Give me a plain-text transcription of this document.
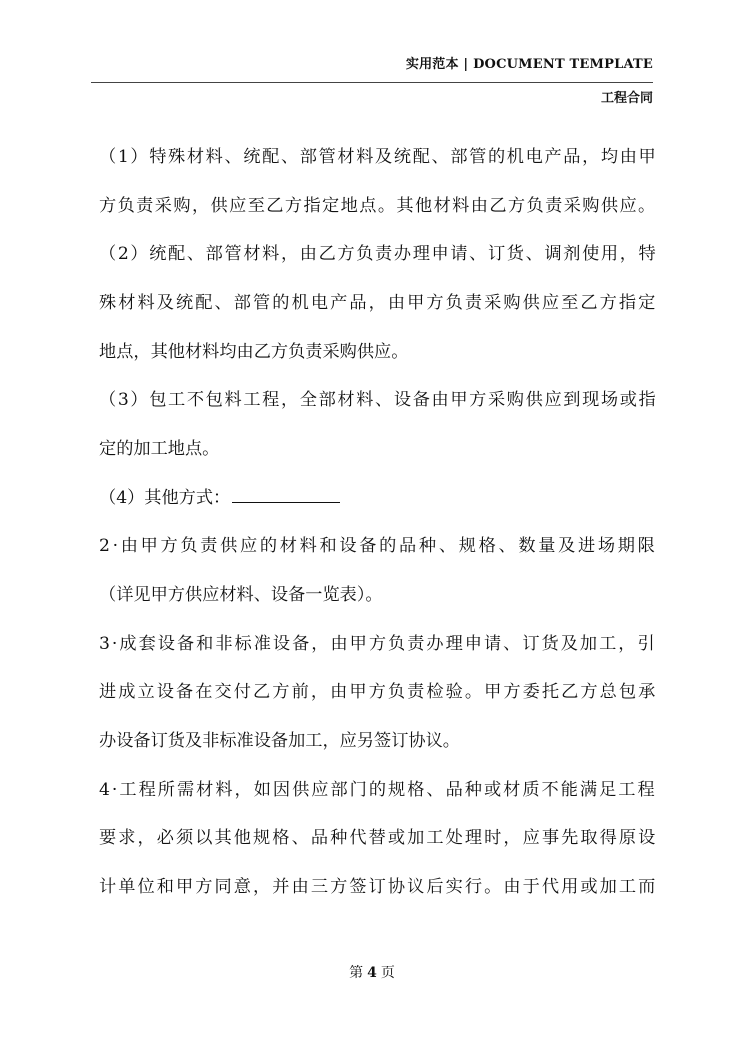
实用范本 | DOCUMENT TEMPLATE
工程合同
（1）特殊材料、统配、部管材料及统配、部管的机电产品，均由甲
方负责采购，供应至乙方指定地点。其他材料由乙方负责采购供应。
（2）统配、部管材料，由乙方负责办理申请、订货、调剂使用，特
殊材料及统配、部管的机电产品，由甲方负责采购供应至乙方指定
地点，其他材料均由乙方负责采购供应。
（3）包工不包料工程，全部材料、设备由甲方采购供应到现场或指
定的加工地点。
（4）其他方式：
2·由甲方负责供应的材料和设备的品种、规格、数量及进场期限
（详见甲方供应材料、设备一览表）。
3·成套设备和非标准设备，由甲方负责办理申请、订货及加工，引
进成立设备在交付乙方前，由甲方负责检验。甲方委托乙方总包承
办设备订货及非标准设备加工，应另签订协议。
4·工程所需材料，如因供应部门的规格、品种或材质不能满足工程
要求，必须以其他规格、品种代替或加工处理时，应事先取得原设
计单位和甲方同意，并由三方签订协议后实行。由于代用或加工而
第 4 页
